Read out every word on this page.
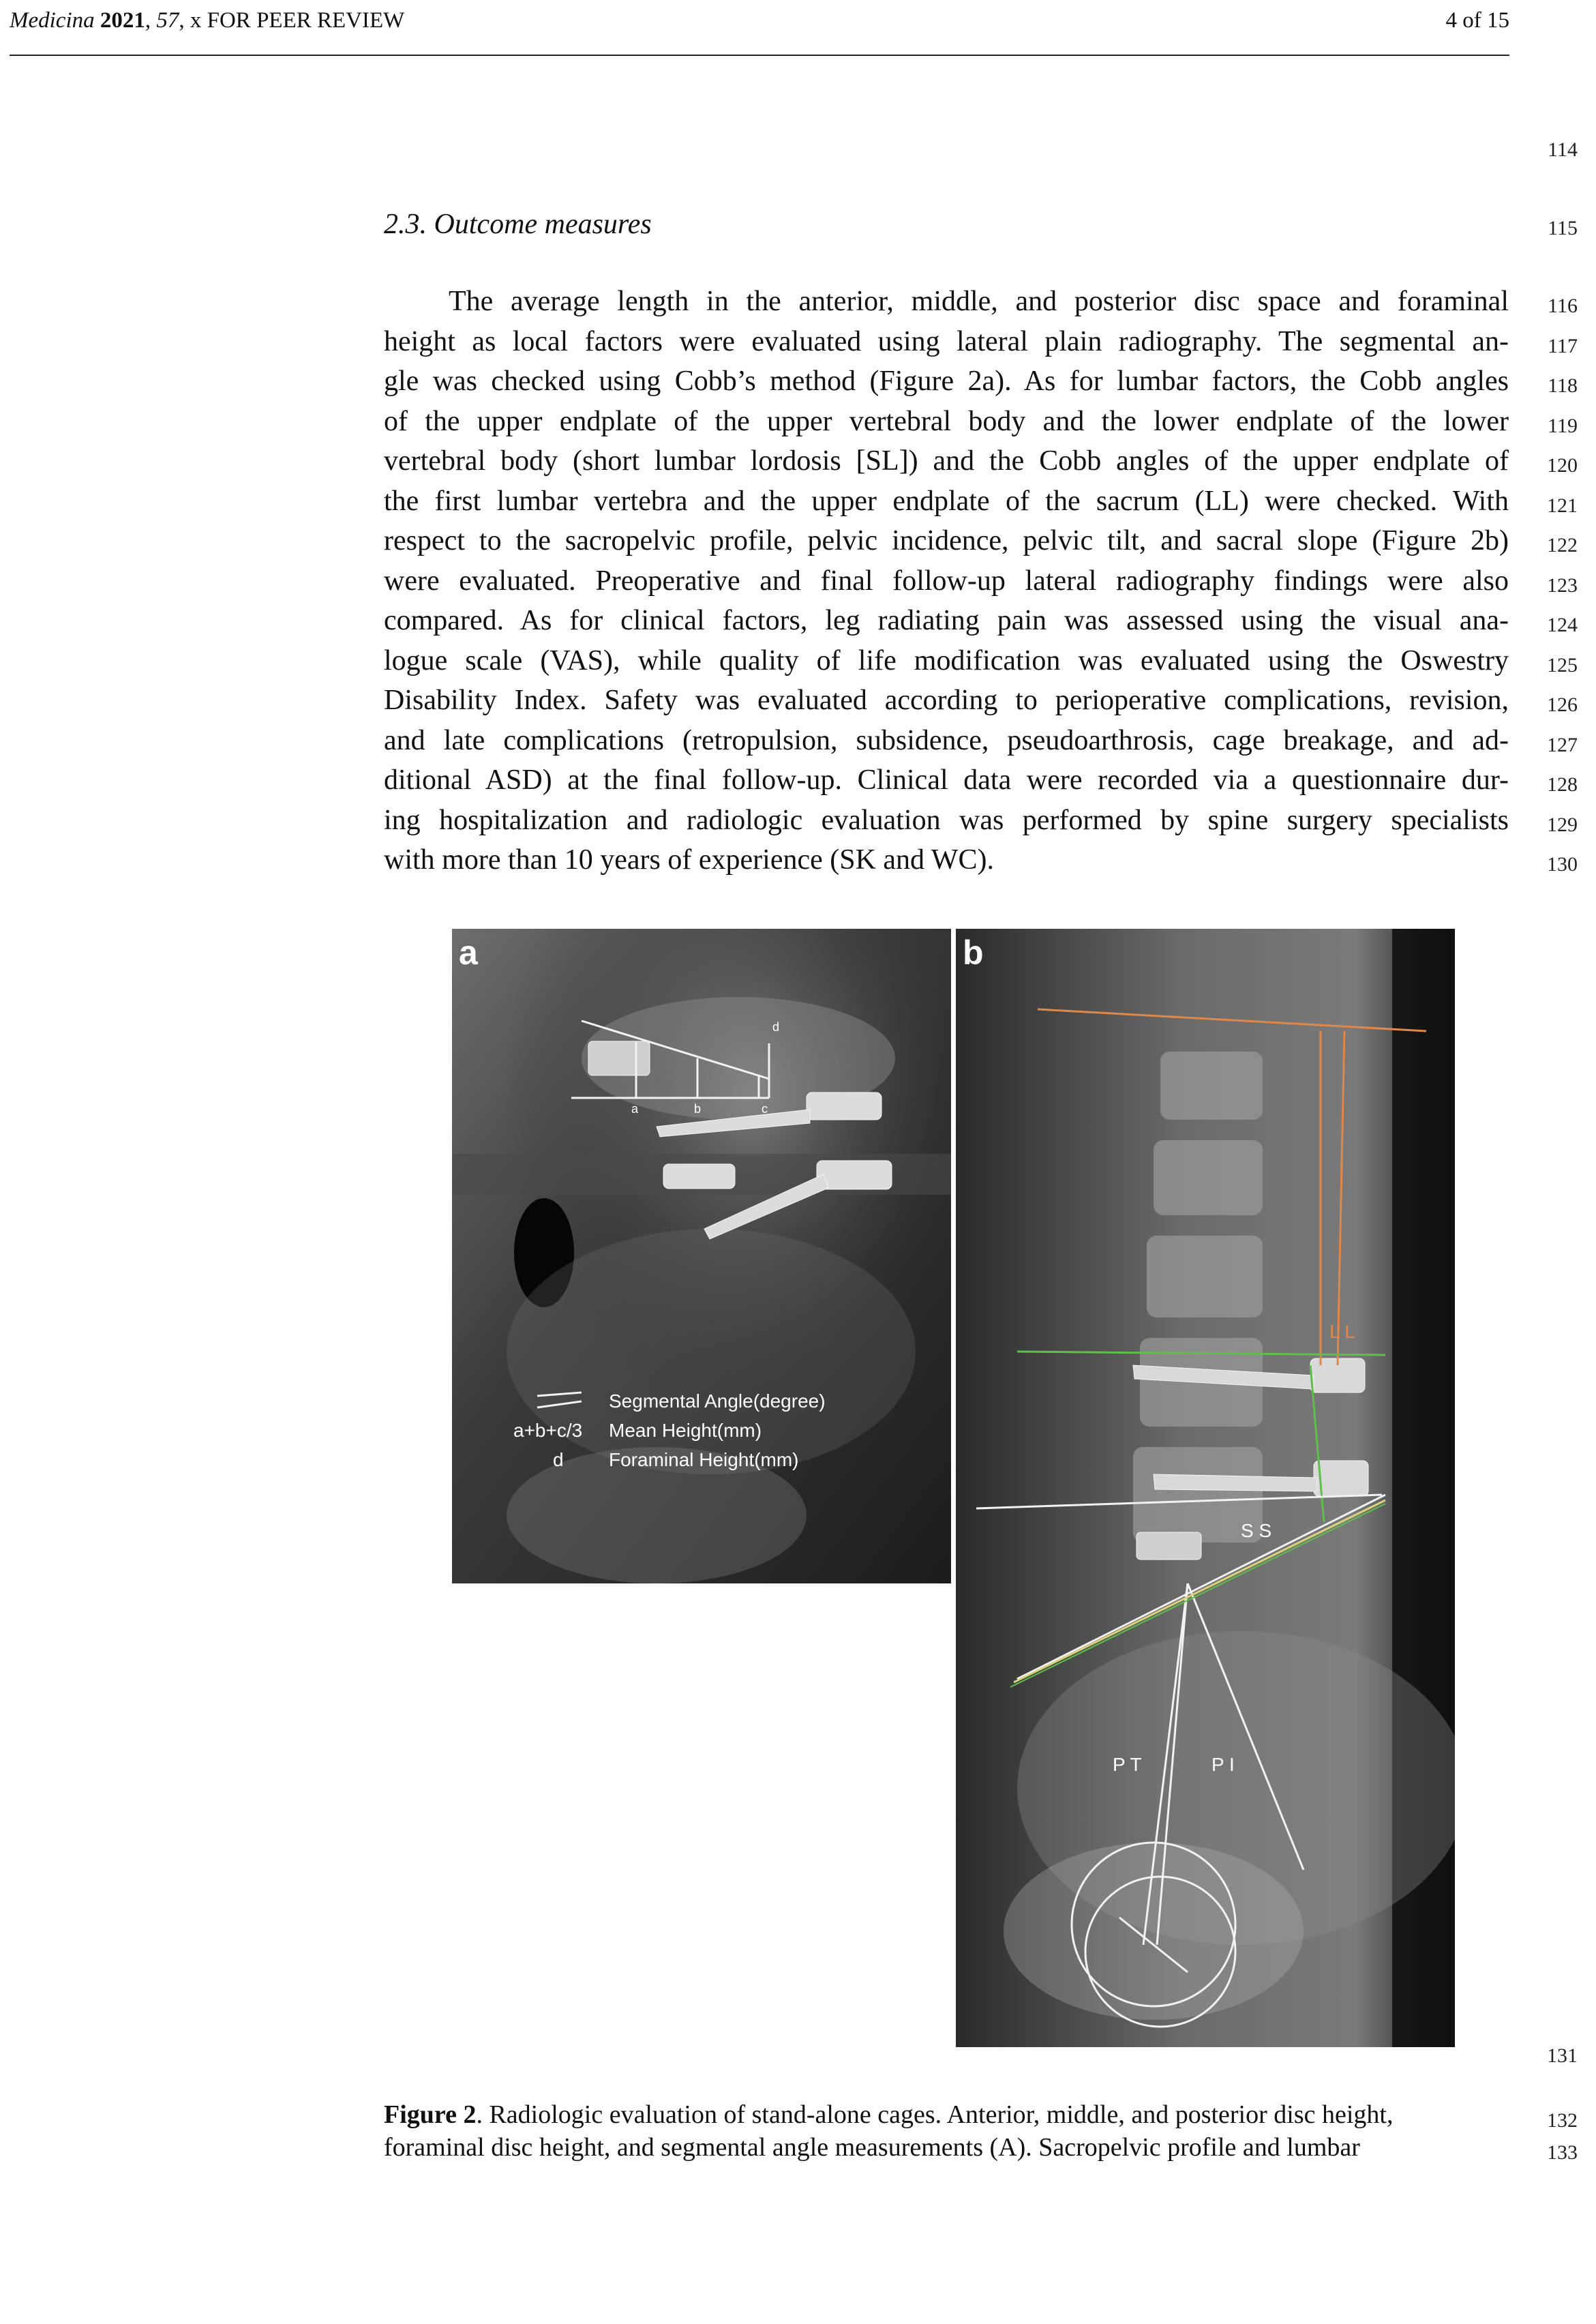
Medicina 2021, 57, x FOR PEER REVIEW	4 of 15
114
115
116
117
118
119
120
121
122
123
124
125
126
127
128
129
130
131
132
133
2.3. Outcome measures
The average length in the anterior, middle, and posterior disc space and foraminal
height as local factors were evaluated using lateral plain radiography. The segmental an-
gle was checked using Cobb’s method (Figure 2a). As for lumbar factors, the Cobb angles
of the upper endplate of the upper vertebral body and the lower endplate of the lower
vertebral body (short lumbar lordosis [SL]) and the Cobb angles of the upper endplate of
the first lumbar vertebra and the upper endplate of the sacrum (LL) were checked. With
respect to the sacropelvic profile, pelvic incidence, pelvic tilt, and sacral slope (Figure 2b)
were evaluated. Preoperative and final follow-up lateral radiography findings were also
compared. As for clinical factors, leg radiating pain was assessed using the visual ana-
logue scale (VAS), while quality of life modification was evaluated using the Oswestry
Disability Index. Safety was evaluated according to perioperative complications, revision,
and late complications (retropulsion, subsidence, pseudoarthrosis, cage breakage, and ad-
ditional ASD) at the final follow-up. Clinical data were recorded via a questionnaire dur-
ing hospitalization and radiologic evaluation was performed by spine surgery specialists
with more than 10 years of experience (SK and WC).
a
a	b	c
d
Segmental Angle(degree)
a+b+c/3 Mean Height(mm)
d Foraminal Height(mm)
b
L L
S S
P T	P I
Figure 2. Radiologic evaluation of stand-alone cages. Anterior, middle, and posterior disc height,
foraminal disc height, and segmental angle measurements (A). Sacropelvic profile and lumbar
